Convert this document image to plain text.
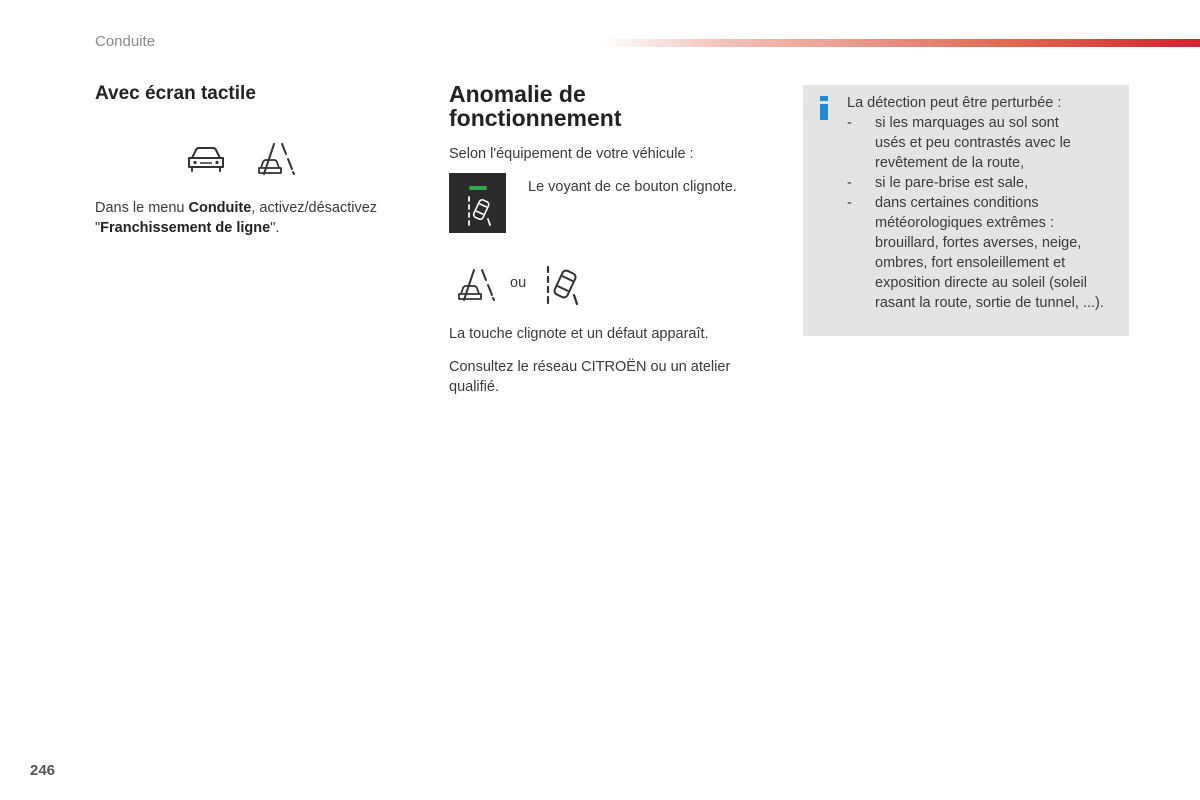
Conduite
Avec écran tactile
Dans le menu Conduite, activez/désactivez
"Franchissement de ligne".
Anomalie de
fonctionnement
Selon l'équipement de votre véhicule :
Le voyant de ce bouton clignote.
ou
La touche clignote et un défaut apparaît.
Consultez le réseau CITROËN ou un atelier
qualifié.
La détection peut être perturbée :
- si les marquages au sol sont
usés et peu contrastés avec le
revêtement de la route,
- si le pare-brise est sale,
- dans certaines conditions
météorologiques extrêmes :
brouillard, fortes averses, neige,
ombres, fort ensoleillement et
exposition directe au soleil (soleil
rasant la route, sortie de tunnel, ...).
246
